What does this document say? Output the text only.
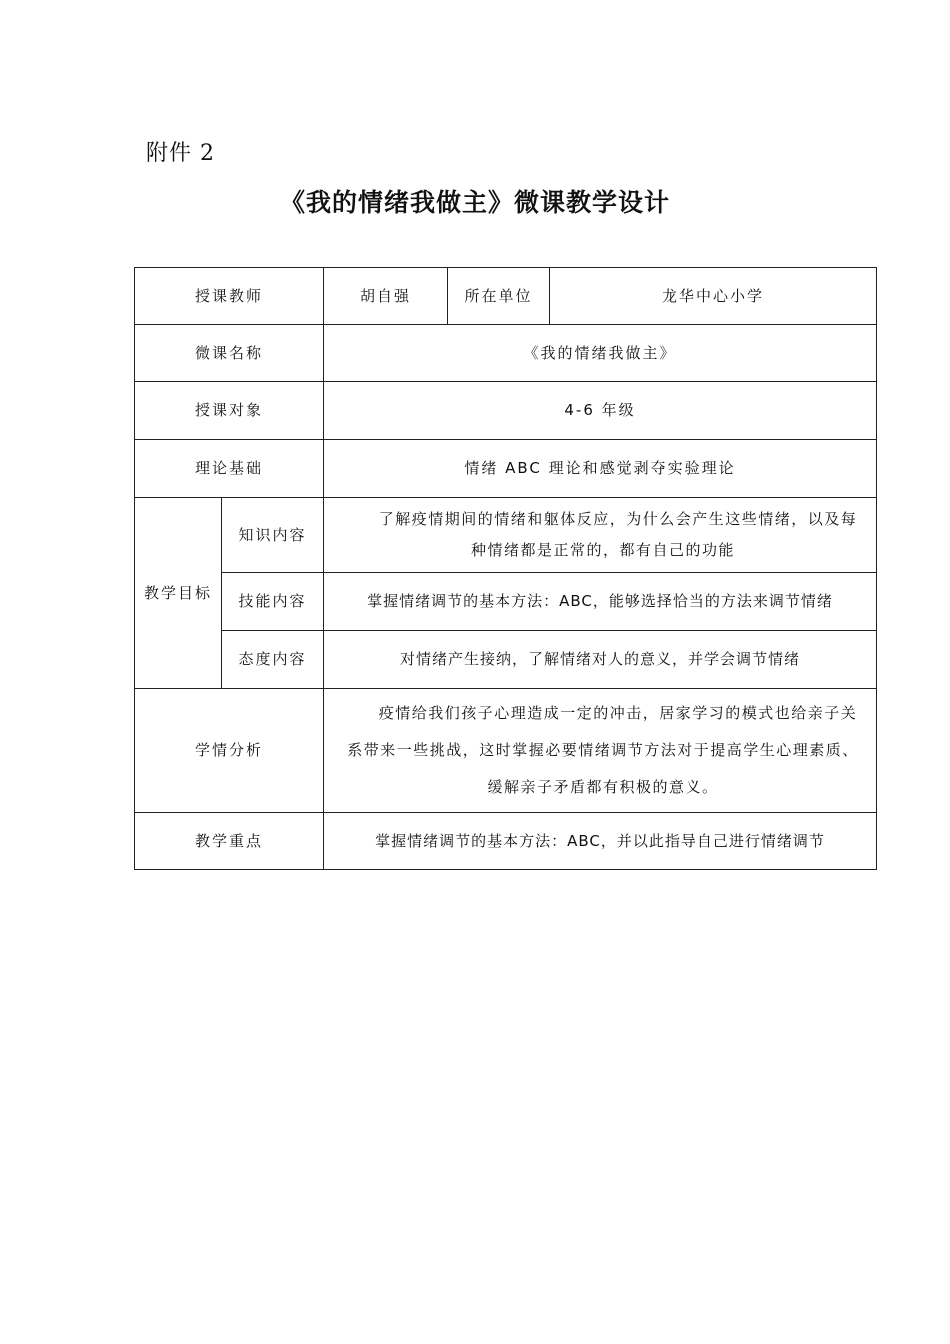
附件 2
《我的情绪我做主》微课教学设计
授课教师		胡自强	所在单位	龙华中心小学
微课名称		《我的情绪我做主》		
授课对象		4-6 年级		
理论基础		情绪 ABC 理论和感觉剥夺实验理论		
教学目标	知识内容	了解疫情期间的情绪和躯体反应，为什么会产生这些情绪，以及每种情绪都是正常的，都有自己的功能		
	技能内容	掌握情绪调节的基本方法：ABC，能够选择恰当的方法来调节情绪		
	态度内容	对情绪产生接纳，了解情绪对人的意义，并学会调节情绪		
学情分析		疫情给我们孩子心理造成一定的冲击，居家学习的模式也给亲子关系带来一些挑战，这时掌握必要情绪调节方法对于提高学生心理素质、缓解亲子矛盾都有积极的意义。		
教学重点		掌握情绪调节的基本方法：ABC，并以此指导自己进行情绪调节		
